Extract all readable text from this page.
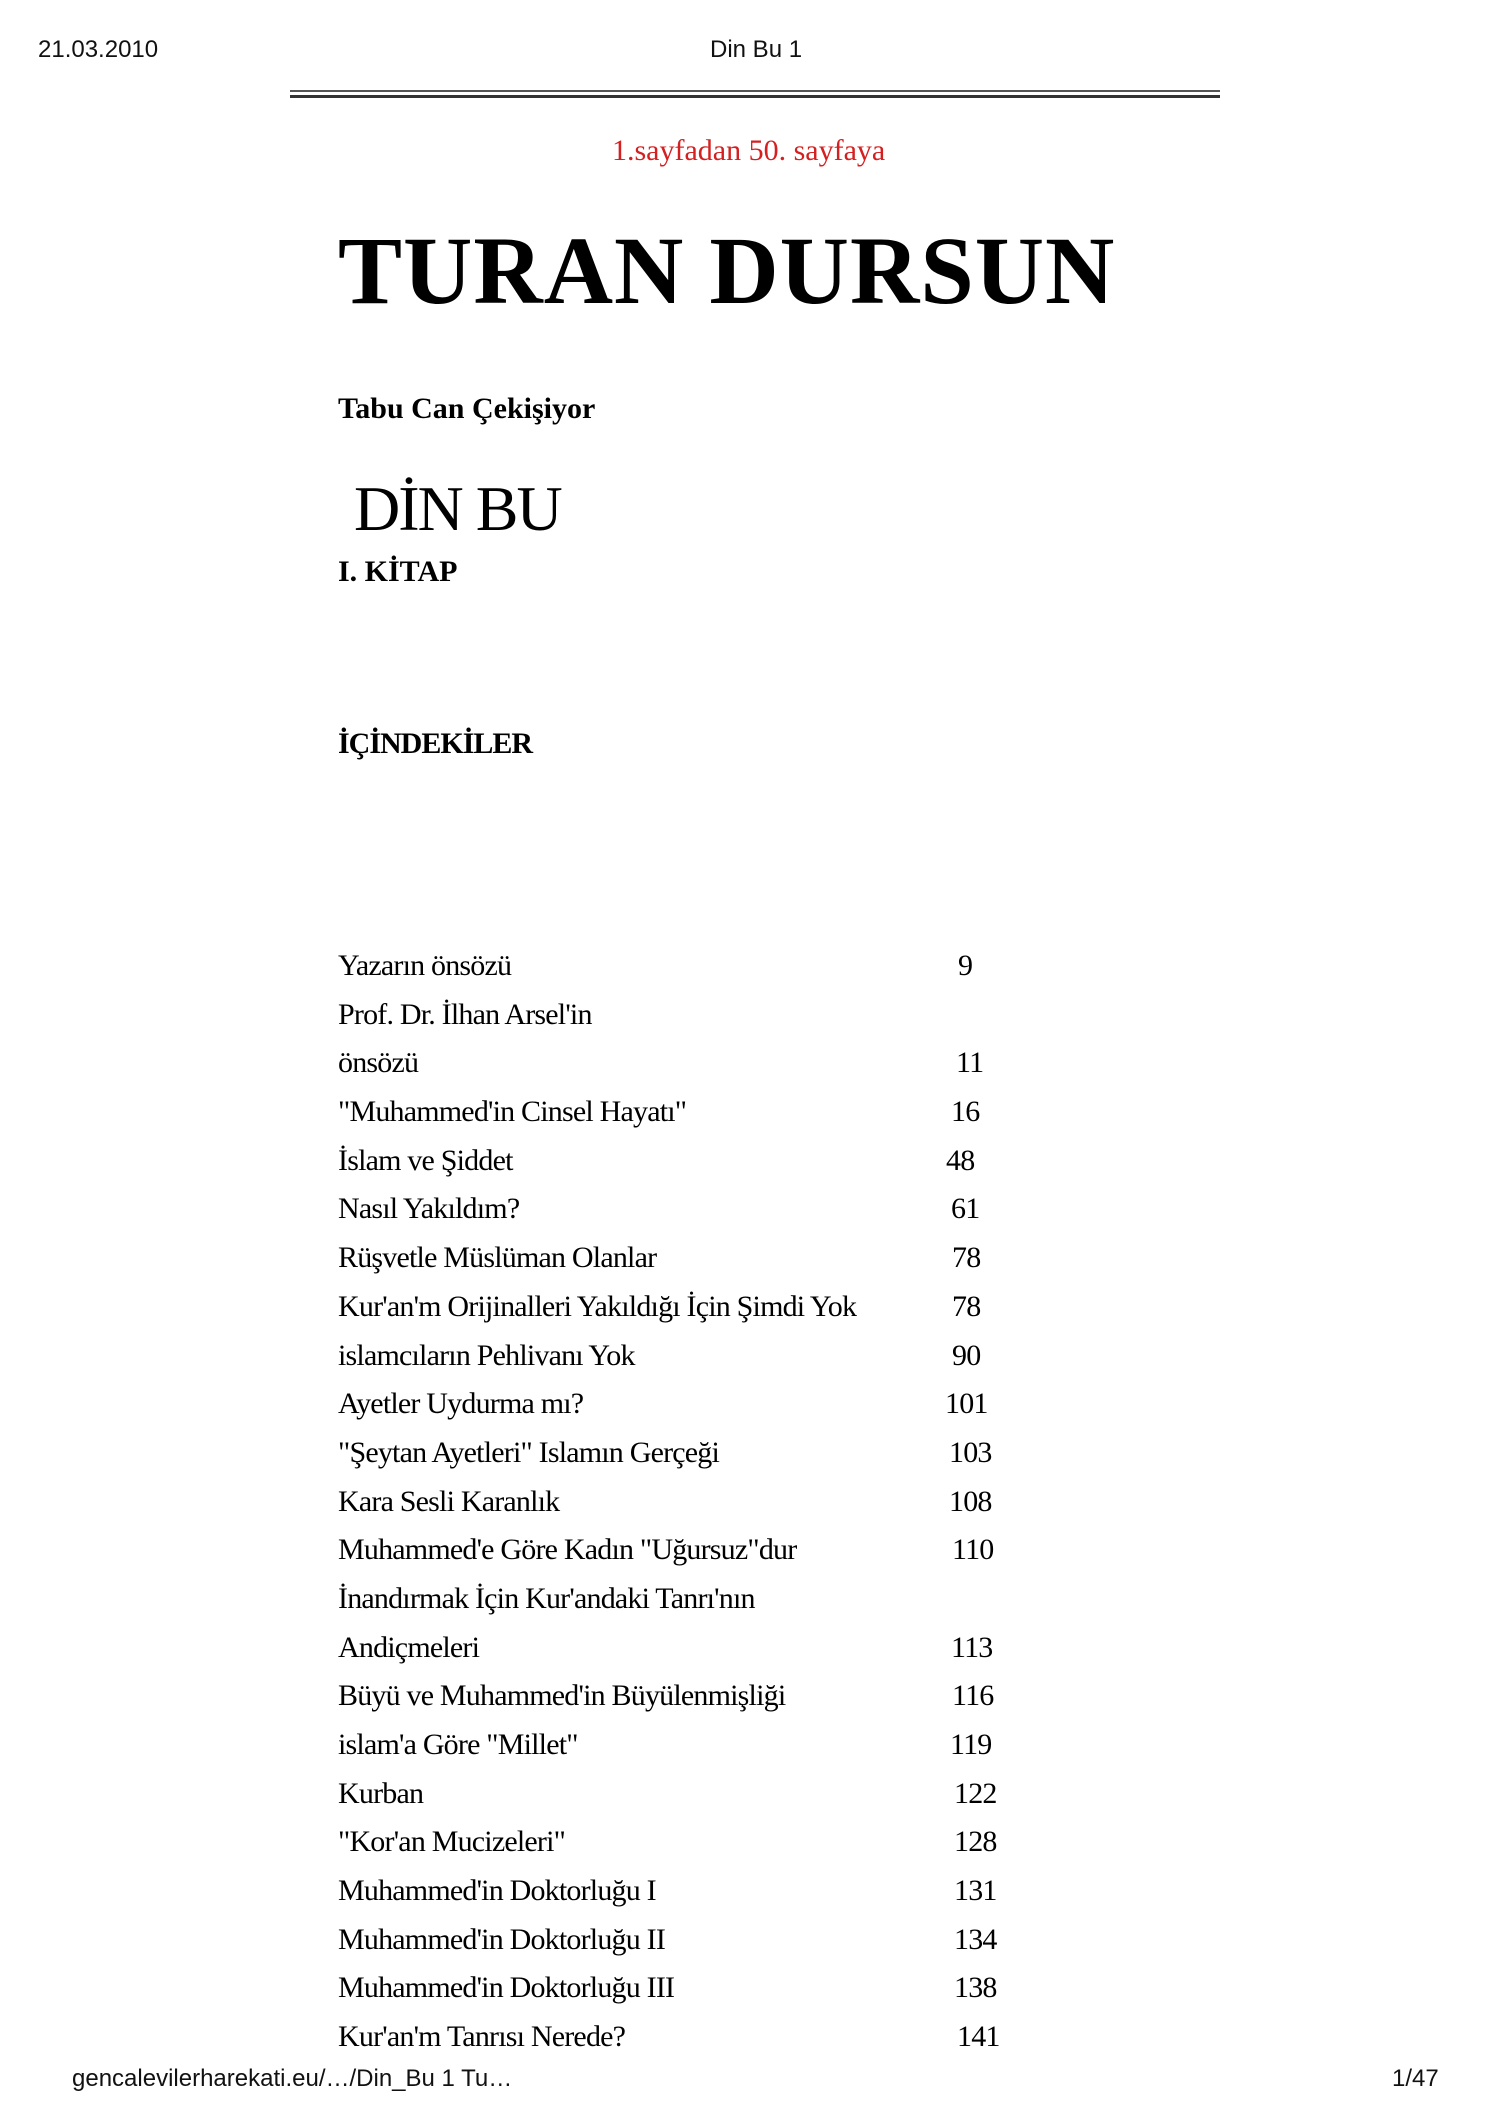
21.03.2010	Din Bu 1
1.sayfadan 50. sayfaya
TURAN DURSUN
Tabu Can Çekişiyor
DİN BU
I. KİTAP
İÇİNDEKİLER
Yazarın önsözü	9
Prof. Dr. İlhan Arsel'in
önsözü	11
"Muhammed'in Cinsel Hayatı"	16
İslam ve Şiddet	48
Nasıl Yakıldım?	61
Rüşvetle Müslüman Olanlar	78
Kur'an'm Orijinalleri Yakıldığı İçin Şimdi Yok	78
islamcıların Pehlivanı Yok	90
Ayetler Uydurma mı?	101
"Şeytan Ayetleri" Islamın Gerçeği	103
Kara Sesli Karanlık	108
Muhammed'e Göre Kadın "Uğursuz"dur	110
İnandırmak İçin Kur'andaki Tanrı'nın
Andiçmeleri	113
Büyü ve Muhammed'in Büyülenmişliği	116
islam'a Göre "Millet"	119
Kurban	122
"Kor'an Mucizeleri"	128
Muhammed'in Doktorluğu I	131
Muhammed'in Doktorluğu II	134
Muhammed'in Doktorluğu III	138
Kur'an'm Tanrısı Nerede?	141
gencalevilerharekati.eu/…/Din_Bu 1 Tu…	1/47
